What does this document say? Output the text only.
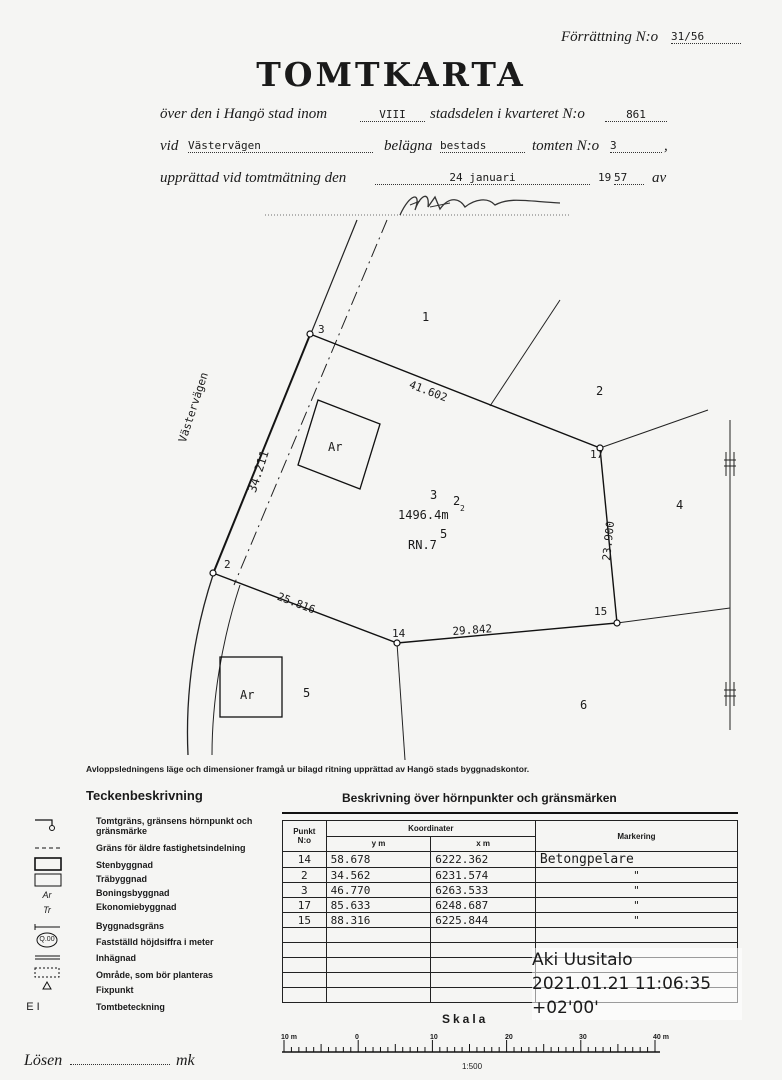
Förrättning N:o 31/56
TOMTKARTA
över den i Hangö stad inom	VIII	stadsdelen i kvarteret N:o	861
vid Västervägen	belägna bestads	tomten N:o 3	,
upprättad vid tomtmätning den	24 januari	19 57	av
Västervägen
34.211
1
2
4
5
6
3
17
2
14
15
41.602
23.900
25.816
29.842
Ar
Ar
3 2
1496.4m 2
RN.7
5
Avloppsledningens läge och dimensioner framgå ur bilagd ritning upprättad av Hangö stads byggnadskontor.
Teckenbeskrivning
Ar
Tr
Q.00
E I
Tomtgräns, gränsens hörnpunkt och gränsmärke
Gräns för äldre fastighetsindelning
Stenbyggnad
Träbyggnad
Boningsbyggnad
Ekonomiebyggnad
Byggnadsgräns
Fastställd höjdsiffra i meter
Inhägnad
Område, som bör planteras
Fixpunkt
Tomtbeteckning
Beskrivning över hörnpunkter och gränsmärken
Punkt N:o	Koordinater		Markering
	y m	x m	
14	58.678	6222.362	Betongpelare
2	34.562	6231.574	"
3	46.770	6263.533	"
17	85.633	6248.687	"
15	88.316	6225.844	"

Aki Uusitalo
2021.01.21 11:06:35
+02'00'
Skala
10 m	0	10	20	30	40 m
1:500
Lösen	mk
